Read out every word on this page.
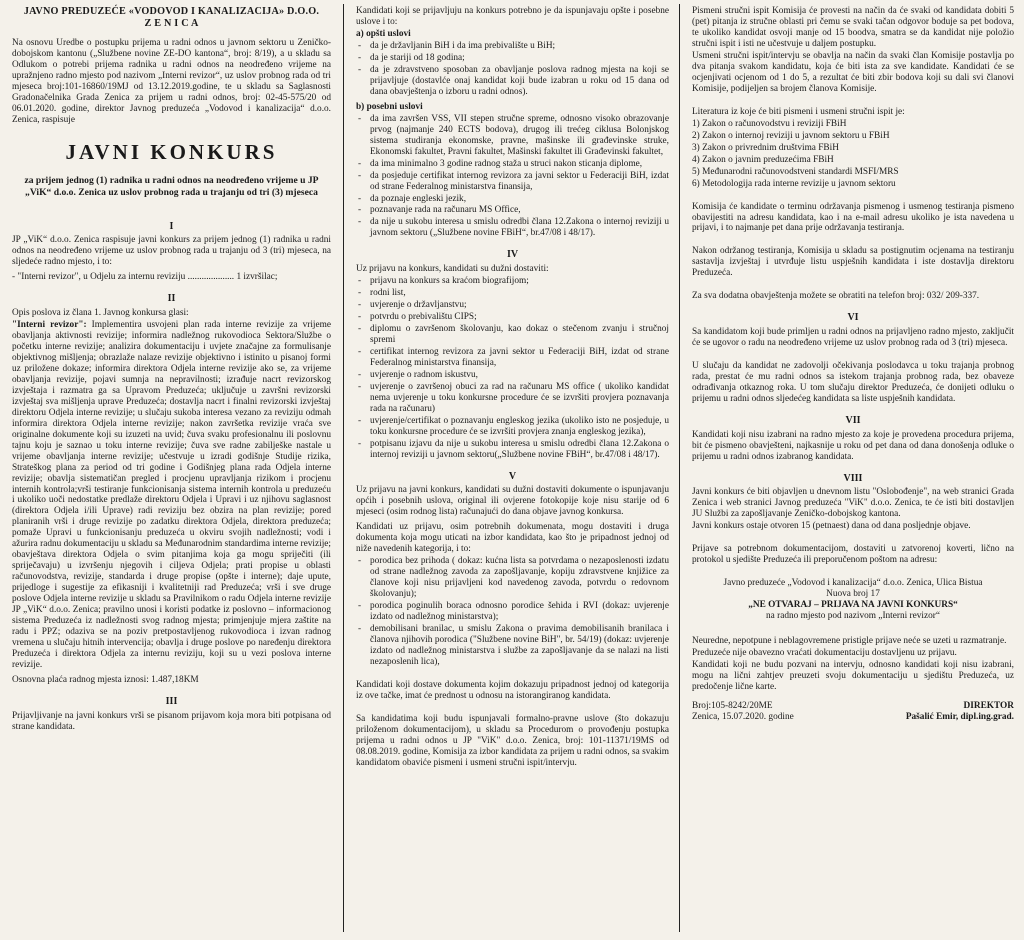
JAVNO PREDUZEĆE «VODOVOD I KANALIZACIJA» D.O.O.
Z E N I C A

Na osnovu Uredbe o postupku prijema u radni odnos u javnom sektoru u Zeničko-dobojskom kantonu („Službene novine ZE-DO kantona“, broj: 8/19), a u skladu sa Odlukom o potrebi prijema radnika u radni odnos na neodređeno vrijeme na upražnjeno radno mjesto pod nazivom „Interni revizor“, uz uslov probnog rada od tri mjeseca broj:101-16860/19MJ od 13.12.2019.godine, te u skladu sa Saglasnosti Gradonačelnika Grada Zenica za prijem u radni odnos, broj: 02-45-575/20 od 06.01.2020. godine, direktor Javnog preduzeća „Vodovod i kanalizacija“ d.o.o. Zenica, raspisuje

JAVNI KONKURS
za prijem jednog (1) radnika u radni odnos na neodređeno vrijeme u JP „ViK“ d.o.o. Zenica uz uslov probnog rada u trajanju od tri (3) mjeseca
I

JP „ViK“ d.o.o. Zenica raspisuje javni konkurs za prijem jednog (1) radnika u radni odnos na neodređeno vrijeme uz uslov probnog rada u trajanju od 3 (tri) mjeseca, na sljedeće radno mjesto, i to:

- "Interni revizor", u Odjelu za internu reviziju .................... 1 izvršilac;

II

Opis poslova iz člana 1. Javnog konkursa glasi:

"Interni revizor": Implementira usvojeni plan rada interne revizije za vrijeme obavljanja aktivnosti revizije; informira nadležnog rukovodioca Sektora/Službe o početku interne revizije; analizira dokumentaciju i uvjete značajne za formulisanje objektivnog mišljenja; obrazlaže nalaze revizije objektivno i istinito u pisanoj formi uz priložene dokaze; informira direktora Odjela interne revizije ako se, za vrijeme obavljanja revizije, pojavi sumnja na nepravilnosti; izrađuje nacrt revizorskog izvještaja i razmatra ga sa Upravom Preduzeća; uključuje u završni revizorski izvještaj sva mišljenja uprave Preduzeća; dostavlja nacrt i finalni revizorski izvještaj direktoru Odjela interne revizije; u slučaju sukoba interesa vezano za reviziju odmah informira direktora Odjela interne revizije; nakon završetka revizije vraća sve originalne dokumente koji su izuzeti na uvid; čuva svaku profesionalnu ili poslovnu tajnu koju je saznao u toku interne revizije; čuva sve radne zabilješke nastale u vrijeme obavljanja interne revizije; učestvuje u izradi godišnje Studije rizika, Strateškog plana za period od tri godine i Godišnjeg plana rada Odjela interne revizije; obavlja sistematičan pregled i procjenu upravljanja rizikom i procjenu internih kontrola;vrši testiranje funkcionisanja sistema internih kontrola u preduzeću i ukoliko uoči nedostatke predlaže direktoru Odjela i Upravi i uz njihovu saglasnost (direktora Odjela i/ili Uprave) radi reviziju bez obzira na plan revizije; pored planiranih vrši i druge revizije po zadatku direktora Odjela, direktora preduzeća; pomaže Upravi u funkcionisanju preduzeća u okviru svojih nadležnosti; vodi i ažurira radnu dokumentaciju u skladu sa Međunarodnim standardima interne revizije; obavještava direktora Odjela o svim pitanjima koja ga mogu spriječiti (ili spriječavaju) u izvršenju njegovih i ciljeva Odjela; prati propise u oblasti računovodstva, revizije, standarda i druge propise (opšte i interne); daje upute, prijedloge i sugestije za efikasniji i kvalitetniji rad Preduzeća; vrši i sve druge poslove Odjela interne revizije u skladu sa Pravilnikom o radu Odjela interne revizije JP „ViK“ d.o.o. Zenica; pravilno unosi i koristi podatke iz poslovno – informacionog sistema Preduzeća iz nadležnosti svog radnog mjesta; primjenjuje mjera zaštite na radu i PPZ; odaziva se na poziv pretpostavljenog rukovodioca i izvan radnog vremena u slučaju hitnih intervencija; obavlja i druge poslove po naređenju direktora Preduzeća i direktora Odjela za internu reviziju, koji su u vezi poslova interne revizije.

Osnovna plaća radnog mjesta iznosi: 1.487,18KM

III

Prijavljivanje na javni konkurs vrši se pisanom prijavom koja mora biti potpisana od strane kandidata.

Kandidati koji se prijavljuju na konkurs potrebno je da ispunjavaju opšte i posebne uslove i to:

a) opšti uslovi
- da je državljanin BiH i da ima prebivalište u BiH;
- da je stariji od 18 godina;
- da je zdravstveno sposoban za obavljanje poslova radnog mjesta na koji se prijavljuje (dostavlće onaj kandidat koji bude izabran u roku od 15 dana od dana obavještenja o izboru u radni odnos).
b) posebni uslovi
- da ima završen VSS, VII stepen stručne spreme, odnosno visoko obrazovanje prvog (najmanje 240 ECTS bodova), drugog ili trećeg ciklusa Bolonjskog sistema studiranja ekonomske, pravne, mašinske ili građevinske struke, Ekonomski fakultet, Pravni fakultet, Mašinski fakultet ili Građevinski fakultet,
- da ima minimalno 3 godine radnog staža u struci nakon sticanja diplome,
- da posjeduje certifikat internog revizora za javni sektor u Federaciji BiH, izdat od strane Federalnog ministarstva finansija,
- da poznaje engleski jezik,
- poznavanje rada na računaru MS Office,
- da nije u sukobu interesa u smislu odredbi člana 12.Zakona o internoj reviziji u javnom sektoru („Službene novine FBiH“, br.47/08 i 48/17).
IV

Uz prijavu na konkurs, kandidati su dužni dostaviti:

- prijavu na konkurs sa kraćom biografijom;
- rodni list,
- uvjerenje o državljanstvu;
- potvrdu o prebivalištu CIPS;
- diplomu o završenom školovanju, kao dokaz o stečenom zvanju i stručnoj spremi
- certifikat internog revizora za javni sektor u Federaciji BiH, izdat od strane Federalnog ministarstva finansija,
- uvjerenje o radnom iskustvu,
- uvjerenje o završenoj obuci za rad na računaru MS office ( ukoliko kandidat nema uvjerenje u toku konkursne procedure će se izvršiti provjera poznavanja rada na računaru)
- uvjerenje/certifikat o poznavanju engleskog jezika (ukoliko isto ne posjeduje, u toku konkursne procedure će se izvršiti provjera znanja engleskog jezika),
- potpisanu izjavu da nije u sukobu interesa u smislu odredbi člana 12.Zakona o internoj reviziji u javnom sektoru(„Službene novine FBiH“, br.47/08 i 48/17).
V

Uz prijavu na javni konkurs, kandidati su dužni dostaviti dokumente o ispunjavanju općih i posebnih uslova, original ili ovjerene fotokopije koje nisu starije od 6 mjeseci (osim rodnog lista) računajući do dana objave javnog konkursa.

Kandidati uz prijavu, osim potrebnih dokumenata, mogu dostaviti i druga dokumenta koja mogu uticati na izbor kandidata, kao što je pripadnost jednoj od niže navedenih kategorija, i to:

- porodica bez prihoda ( dokaz: kućna lista sa potvrdama o nezaposlenosti izdatu od strane nadležnog zavoda za zapošljavanje, kopiju zdravstvene knjižice za članove koji nisu prijavljeni kod navedenog zavoda, potvrdu o redovnom školovanju);
- porodica poginulih boraca odnosno porodice šehida i RVI (dokaz: uvjerenje izdato od nadležnog ministarstva);
- demobilisani branilac, u smislu Zakona o pravima demobilisanih branilaca i članova njihovih porodica ("Službene novine BiH", br. 54/19) (dokaz: uvjerenje izdato od nadležnog ministarstva i službe za zapošljavanje da se nalazi na listi nezaposlenih lica),

Kandidati koji dostave dokumenta kojim dokazuju pripadnost jednoj od kategorija iz ove tačke, imat će prednost u odnosu na istorangiranog kandidata.

Sa kandidatima koji budu ispunjavali formalno-pravne uslove (što dokazuju priloženom dokumentacijom), u skladu sa Procedurom o provođenju postupka prijema u radni odnos u JP "ViK" d.o.o. Zenica, broj: 101-11371/19MS od 08.08.2019. godine, Komisija za izbor kandidata za prijem u radni odnos, sa svakim kandidatom obaviće pismeni i usmeni stručni ispit/intervju.

Pismeni stručni ispit Komisija će provesti na način da će svaki od kandidata dobiti 5 (pet) pitanja iz stručne oblasti pri čemu se svaki tačan odgovor boduje sa pet bodova, te ukoliko kandidat osvoji manje od 15 boodva, smatra se da kandidat nije položio stručni ispit i isti ne učestvuje u daljem postupku.

Usmeni stručni ispit/intervju se obavlja na način da svaki član Komisije postavlja po dva pitanja svakom kandidatu, koja će biti ista za sve kandidate. Kandidati će se ocjenjivati ocjenom od 1 do 5, a rezultat će biti zbir bodova koji su dali svi članovi Komisije, podijeljen sa brojem članova Komisije.

Literatura iz koje će biti pismeni i usmeni stručni ispit je:

1) Zakon o računovodstvu i reviziji FBiH
2) Zakon o internoj reviziji u javnom sektoru u FBiH
3) Zakon o privrednim društvima FBiH
4) Zakon o javnim preduzećima FBiH
5) Međunarodni računovodstveni standardi MSFI/MRS
6) Metodologija rada interne revizije u javnom sektoru

Komisija će kandidate o terminu održavanja pismenog i usmenog testiranja pismeno obavijestiti na adresu kandidata, kao i na e-mail adresu ukoliko je ista navedena u prijavi, i to najmanje pet dana prije održavanja testiranja.

Nakon održanog testiranja, Komisija u skladu sa postignutim ocjenama na testiranju sastavlja izvještaj i utvrđuje listu uspješnih kandidata i iste dostavlja direktoru Preduzeća.

Za sva dodatna obavještenja možete se obratiti na telefon broj: 032/ 209-337.

VI

Sa kandidatom koji bude primljen u radni odnos na prijavljeno radno mjesto, zaključit će se ugovor o radu na neodređeno vrijeme uz uslov probnog rada od 3 (tri) mjeseca.

U slučaju da kandidat ne zadovolji očekivanja poslodavca u toku trajanja probnog rada, prestat će mu radni odnos sa istekom trajanja probnog rada, bez obaveze odrađivanja otkaznog roka. U tom slučaju direktor Preduzeća, će donijeti odluku o prijemu u radni odnos sljedećeg kandidata sa liste uspješnih kandidata.

VII

Kandidati koji nisu izabrani na radno mjesto za koje je provedena procedura prijema, bit će pismeno obavješteni, najkasnije u roku od pet dana od dana donošenja odluke o prijemu u radni odnos izabranog kandidata.

VIII

Javni konkurs će biti objavljen u dnevnom listu "Oslobođenje", na web stranici Grada Zenica i web stranici Javnog preduzeća "ViK" d.o.o. Zenica, te će isti biti dostavljen JU Službi za zapošljavanje Zeničko-dobojskog kantona.

Javni konkurs ostaje otvoren 15 (petnaest) dana od dana posljednje objave.

Prijave sa potrebnom dokumentacijom, dostaviti u zatvorenoj koverti, lično na protokol u sjedište Preduzeća ili preporučenom poštom na adresu:

Javno preduzeće „Vodovod i kanalizacija“ d.o.o. Zenica, Ulica Bistua
Nuova broj 17
„NE OTVARAJ – PRIJAVA NA JAVNI KONKURS“
na radno mjesto pod nazivom „Interni revizor“

Neuredne, nepotpune i neblagovremene pristigle prijave neće se uzeti u razmatranje.

Preduzeće nije obavezno vraćati dokumentaciju dostavljenu uz prijavu.

Kandidati koji ne budu pozvani na intervju, odnosno kandidati koji nisu izabrani, mogu na lični zahtjev preuzeti svoju dokumentaciju u sjedištu Preduzeća, uz predočenje lične karte.

Broj:105-8242/20ME
Zenica, 15.07.2020. godine
DIREKTOR
Pašalić Emir, dipl.ing.grad.
